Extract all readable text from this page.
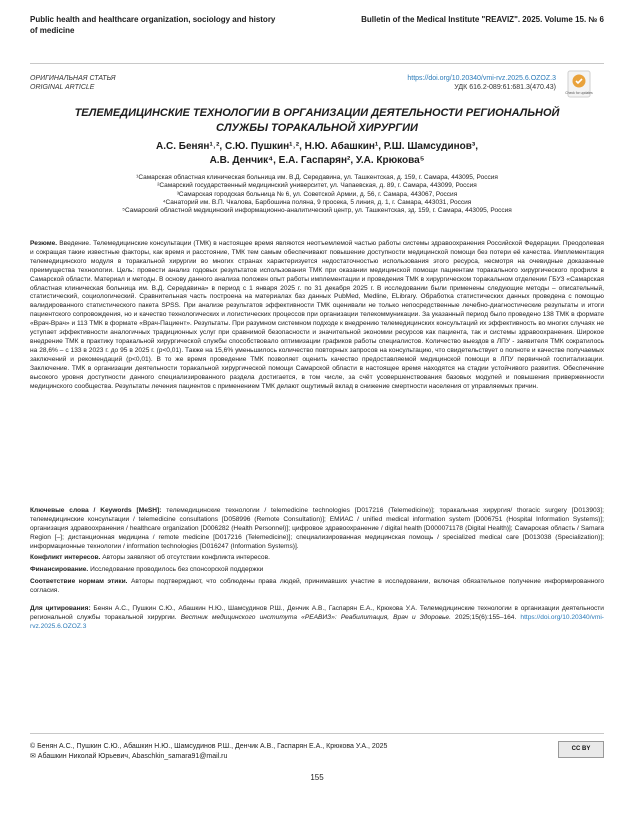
Public health and healthcare organization, sociology and history of medicine
Bulletin of the Medical Institute "REAVIZ". 2025. Volume 15. № 6
ОРИГИНАЛЬНАЯ СТАТЬЯ
ORIGINAL ARTICLE
https://doi.org/10.20340/vmi-rvz.2025.6.OZOZ.3
УДК 616.2-089:61:681.3(470.43)
Check for updates
ТЕЛЕМЕДИЦИНСКИЕ ТЕХНОЛОГИИ В ОРГАНИЗАЦИИ ДЕЯТЕЛЬНОСТИ РЕГИОНАЛЬНОЙ СЛУЖБЫ ТОРАКАЛЬНОЙ ХИРУРГИИ
А.С. Бенян¹˒², С.Ю. Пушкин¹˒², Н.Ю. Абашкин¹, Р.Ш. Шамсудинов³,
А.В. Денчик⁴, Е.А. Гаспарян², У.А. Крюкова⁵
¹Самарская областная клиническая больница им. В.Д. Середавина, ул. Ташкентская, д. 159, г. Самара, 443095, Россия
²Самарский государственный медицинский университет, ул. Чапаевская, д. 89, г. Самара, 443099, Россия
³Самарская городская больница № 6, ул. Советской Армии, д. 56, г. Самара, 443067, Россия
⁴Санаторий им. В.П. Чкалова, Барбошина поляна, 9 просека, 5 линия, д. 1, г. Самара, 443031, Россия
⁵Самарский областной медицинский информационно-аналитический центр, ул. Ташкентская, зд. 159, г. Самара, 443095, Россия

Резюме. Введение. Телемедицинские консультации (ТМК) в настоящее время являются неотъемлемой частью работы системы здравоохранения Российской Федерации. Преодолевая и сокращая такие известные факторы, как время и расстояние, ТМК тем самым обеспечивают повышение доступности медицинской помощи без потери её качества. Имплементация телемедицинского модуля в торакальной хирургии во многих странах характеризуется недостаточностью использования этого ресурса, несмотря на очевидные доказанные преимущества технологии. Цель: провести анализ годовых результатов использования ТМК при оказании медицинской помощи пациентам торакального хирургического профиля в Самарской области. Материал и методы. В основу данного анализа положен опыт работы имплементации и проведения ТМК в хирургическом торакальном отделении ГБУЗ «Самарская областная клиническая больница им. В.Д. Середавина» в период с 1 января 2025 г. по 31 декабря 2025 г. В исследовании были применены следующие методы – описательный, статистический, социологический. Сравнительная часть построена на материалах баз данных PubMed, Medline, ELibrary. Обработка статистических данных проведена с помощью валидированного статистического пакета SPSS. При анализе результатов эффективности ТМК оценивали не только непосредственные лечебно-диагностические результаты и итоги пациентского сопровождения, но и качество технологических и логистических процессов при организации телекоммуникации. За указанный период было проведено 138 ТМК в формате «Врач-Врач» и 113 ТМК в формате «Врач-Пациент». Результаты. При разумном системном подходе к внедрению телемедицинских консультаций их эффективность во многих случаях не уступает эффективности аналогичных традиционных услуг при сравнимой безопасности и значительной экономии ресурсов как пациента, так и системы здравоохранения. Широкое внедрение ТМК в практику торакальной хирургической службы способствовало оптимизации графиков работы специалистов. Количество выездов в ЛПУ - заявителя ТМК сократилось на 28,6% – с 133 в 2023 г. до 95 в 2025 г. (p<0,01). Также на 15,6% уменьшилось количество повторных запросов на консультацию, что свидетельствует о полноте и качестве получаемых заключений и рекомендаций (p<0,01). В то же время проведение ТМК позволяет оценить качество предоставляемой медицинской помощи в ЛПУ первичной госпитализации. Заключение. ТМК в организации деятельности торакальной хирургической помощи Самарской области в настоящее время находятся на стадии устойчивого развития. Обеспечение высокого уровня доступности данного специализированного раздела достигается, в том числе, за счёт усовершенствования базовых модулей и повышения приверженности медицинского сообщества. Результаты лечения пациентов с применением ТМК делают ощутимый вклад в снижение смертности населения от управляемых причин.

Ключевые слова / Keywords [MeSH]: телемедицинские технологии / telemedicine technologies [D017216 (Telemedicine)]; торакальная хирургия/ thoracic surgery [D013903]; телемедицинские консультации / telemedicine consultations [D058996 (Remote Consultation)]; ЕМИАС / unified medical information system [D006751 (Hospital Information Systems)]; организация здравоохранения / healthcare organization [D006282 (Health Personnel)]; цифровое здравоохранение / digital health [D000071178 (Digital Health)]; Самарская область / Samara Region [–]; дистанционная медицина / remote medicine [D017216 (Telemedicine)]; специализированная медицинская помощь / specialized medical care [D013038 (Specialization)]; информационные технологии / information technologies [D016247 (Information Systems)].
Конфликт интересов. Авторы заявляют об отсутствии конфликта интересов.
Финансирование. Исследование проводилось без спонсорской поддержки
Соответствие нормам этики. Авторы подтверждают, что соблюдены права людей, принимавших участие в исследовании, включая обязательное получение информированного согласия.
Для цитирования: Бенян А.С., Пушкин С.Ю., Абашкин Н.Ю., Шамсудинов Р.Ш., Денчик А.В., Гаспарян Е.А., Крюкова У.А. Телемедицинские технологии в организации деятельности региональной службы торакальной хирургии. Вестник медицинского института «РЕАВИЗ»: Реабилитация, Врач и Здоровье. 2025;15(6):155–164. https://doi.org/10.20340/vmi-rvz.2025.6.OZOZ.3
© Бенян А.С., Пушкин С.Ю., Абашкин Н.Ю., Шамсудинов Р.Ш., Денчик А.В., Гаспарян Е.А., Крюкова У.А., 2025
✉ Абашкин Николай Юрьевич, Abaschkin_samara91@mail.ru
CC BY
155
